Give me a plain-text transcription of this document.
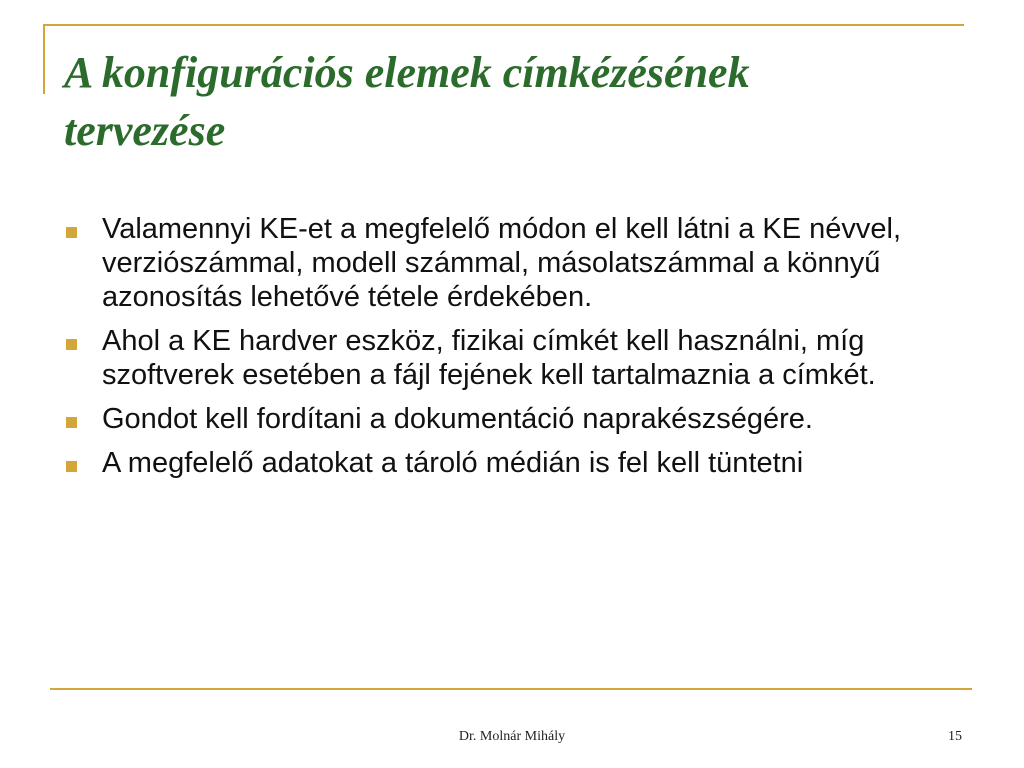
A konfigurációs elemek címkézésének
tervezése
Valamennyi KE-et a megfelelő módon el kell látni a KE névvel, verziószámmal, modell számmal, másolatszámmal a könnyű azonosítás lehetővé tétele érdekében.
Ahol a KE hardver eszköz, fizikai címkét kell használni, míg szoftverek esetében a fájl fejének kell tartalmaznia a címkét.
Gondot kell fordítani a dokumentáció naprakészségére.
A megfelelő adatokat a tároló médián is fel kell tüntetni
Dr. Molnár Mihály	15
